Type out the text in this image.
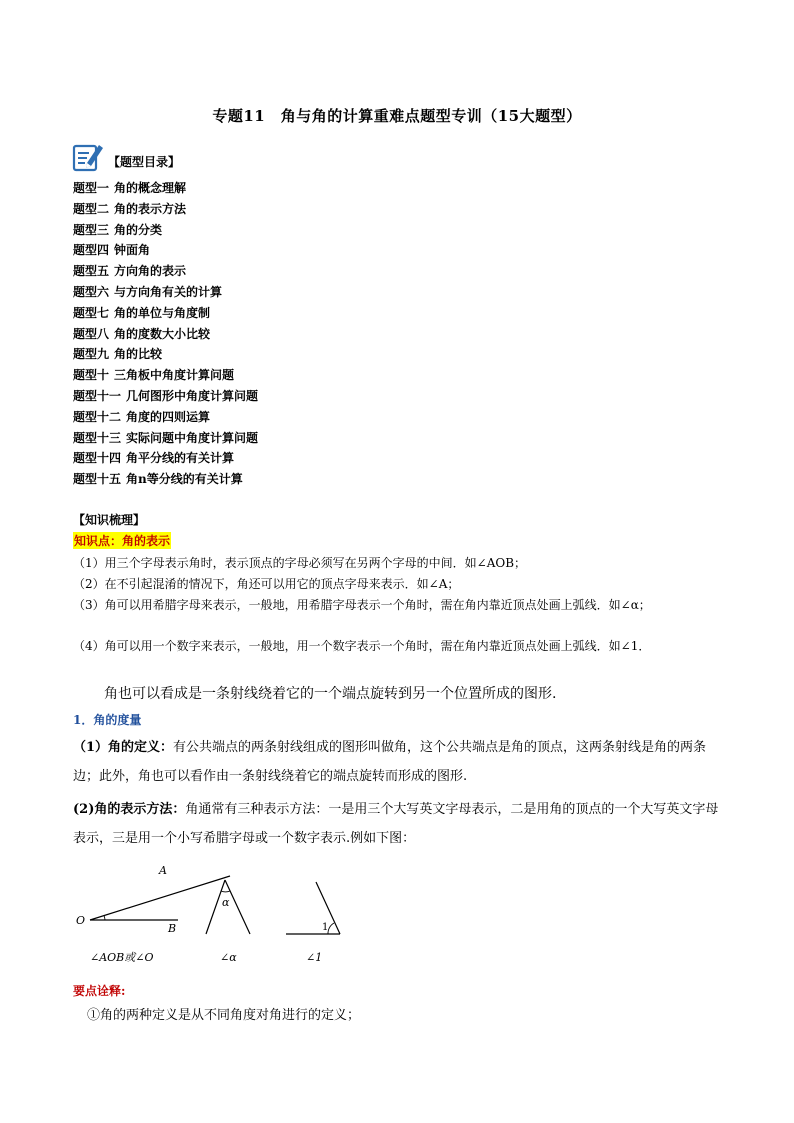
专题11　角与角的计算重难点题型专训（15大题型）
【题型目录】
题型一 角的概念理解
题型二 角的表示方法
题型三 角的分类
题型四 钟面角
题型五 方向角的表示
题型六 与方向角有关的计算
题型七 角的单位与角度制
题型八 角的度数大小比较
题型九 角的比较
题型十 三角板中角度计算问题
题型十一 几何图形中角度计算问题
题型十二 角度的四则运算
题型十三 实际问题中角度计算问题
题型十四 角平分线的有关计算
题型十五 角n等分线的有关计算
【知识梳理】
知识点：角的表示
（1）用三个字母表示角时，表示顶点的字母必须写在另两个字母的中间．如∠AOB；
（2）在不引起混淆的情况下，角还可以用它的顶点字母来表示．如∠A；
（3）角可以用希腊字母来表示，一般地，用希腊字母表示一个角时，需在角内靠近顶点处画上弧线．如∠α；
（4）角可以用一个数字来表示，一般地，用一个数字表示一个角时，需在角内靠近顶点处画上弧线．如∠1．
角也可以看成是一条射线绕着它的一个端点旋转到另一个位置所成的图形.
1．角的度量
（1）角的定义：有公共端点的两条射线组成的图形叫做角，这个公共端点是角的顶点，这两条射线是角的两条边；此外，角也可以看作由一条射线绕着它的端点旋转而形成的图形.
(2)角的表示方法：角通常有三种表示方法：一是用三个大写英文字母表示，二是用角的顶点的一个大写英文字母表示，三是用一个小写希腊字母或一个数字表示.例如下图：
A
O
B
∠AOB或∠O
α
∠α
1
∠1
要点诠释:
①角的两种定义是从不同角度对角进行的定义；
